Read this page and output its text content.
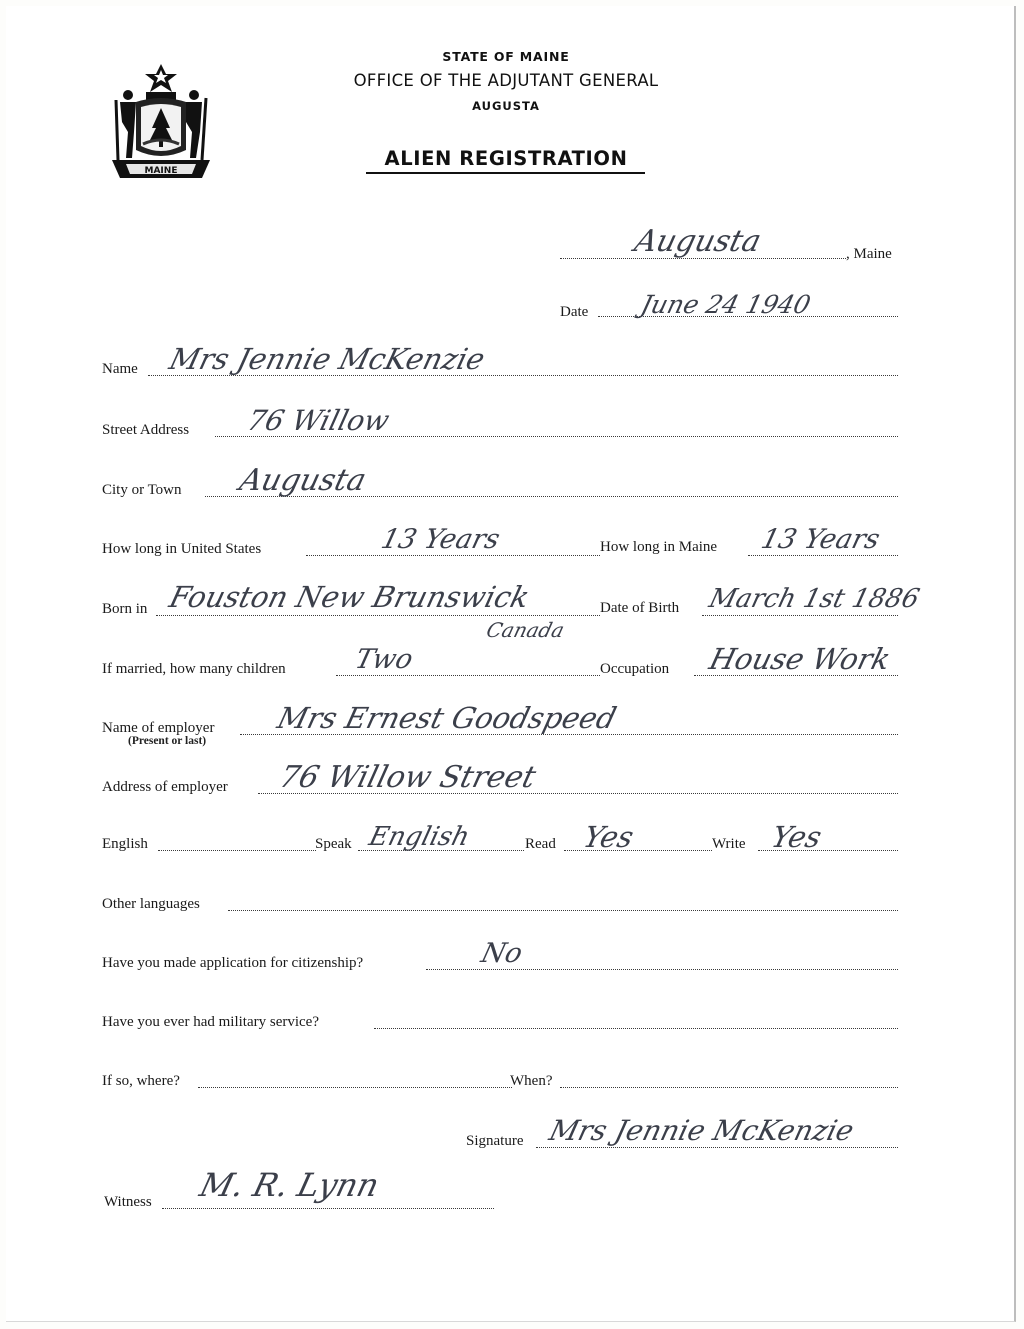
MAINE
STATE OF MAINE
OFFICE OF THE ADJUTANT GENERAL
AUGUSTA
ALIEN REGISTRATION
Augusta	, Maine
Date June 24 1940
Name Mrs Jennie McKenzie
Street Address 76 Willow
City or Town Augusta
How long in United States	13 Years	How long in Maine 13 Years
Born in Fouston New Brunswick
Canada
Date of Birth March 1st 1886
If married, how many children Two	Occupation House Work
Name of employer
(Present or last)
Mrs Ernest Goodspeed
Address of employer 76 Willow Street
English	Speak English	Read Yes	Write Yes
Other languages
Have you made application for citizenship?	No
Have you ever had military service?
If so, where?	When?
Signature Mrs Jennie McKenzie
Witness M. R. Lynn
